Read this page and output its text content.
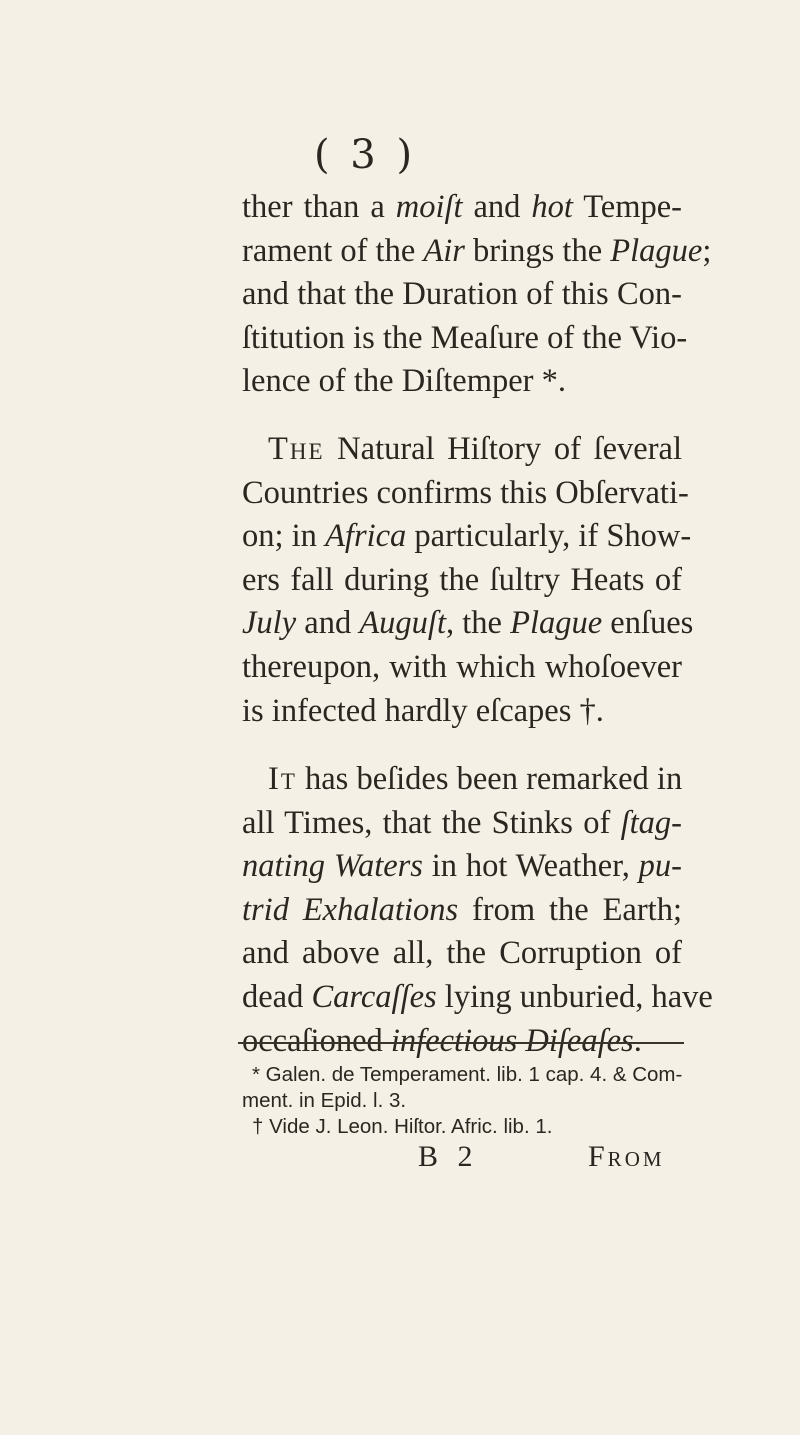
( 3 )
ther than a moiſt and hot Tempe-
rament of the Air brings the Plague;
and that the Duration of this Con-
ſtitution is the Meaſure of the Vio-
lence of the Diſtemper *.
The Natural Hiſtory of ſeveral
Countries confirms this Obſervati-
on; in Africa particularly, if Show-
ers fall during the ſultry Heats of
July and Auguſt, the Plague enſues
thereupon, with which whoſoever
is infected hardly eſcapes †.
It has beſides been remarked in
all Times, that the Stinks of ſtag-
nating Waters in hot Weather, pu-
trid Exhalations from the Earth;
and above all, the Corruption of
dead Carcaſſes lying unburied, have
occaſioned infectious Diſeaſes.
* Galen. de Temperament. lib. 1 cap. 4. & Com-
ment. in Epid. l. 3.
† Vide J. Leon. Hiſtor. Afric. lib. 1.
B 2	From
